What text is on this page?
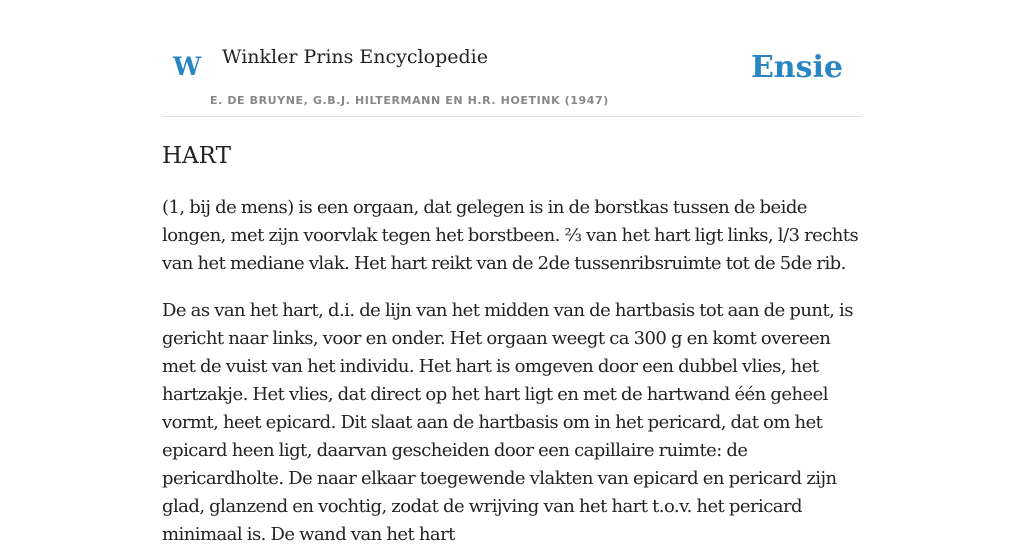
W Winkler Prins Encyclopedie
E. DE BRUYNE, G.B.J. HILTERMANN EN H.R. HOETINK (1947)
Ensie
HART

(1, bij de mens) is een orgaan, dat gelegen is in de borstkas tussen de beide longen, met zijn voorvlak tegen het borstbeen. ⅔ van het hart ligt links, l/3 rechts van het mediane vlak. Het hart reikt van de 2de tussenribsruimte tot de 5de rib.

De as van het hart, d.i. de lijn van het midden van de hartbasis tot aan de punt, is gericht naar links, voor en onder. Het orgaan weegt ca 300 g en komt overeen met de vuist van het individu. Het hart is omgeven door een dubbel vlies, het hartzakje. Het vlies, dat direct op het hart ligt en met de hartwand één geheel vormt, heet epicard. Dit slaat aan de hartbasis om in het pericard, dat om het epicard heen ligt, daarvan gescheiden door een capillaire ruimte: de pericardholte. De naar elkaar toegewende vlakten van epicard en pericard zijn glad, glanzend en vochtig, zodat de wrijving van het hart t.o.v. het pericard minimaal is. De wand van het hart
